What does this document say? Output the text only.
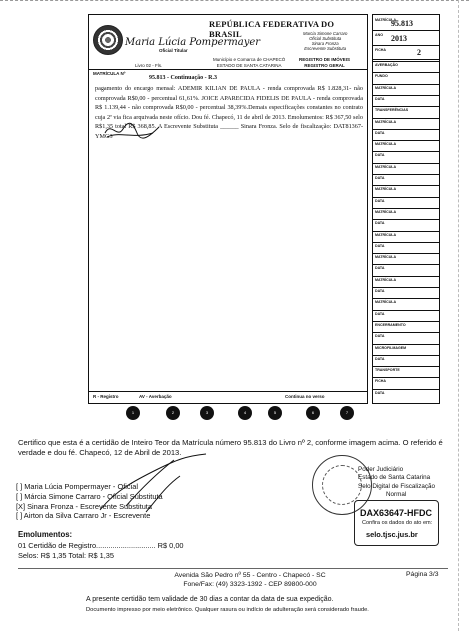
REPÚBLICA FEDERATIVA DO BRASIL
Maria Lúcia Pompermayer
Oficial Titular
Livro 02 - Fls.
Município e Comarca de CHAPECÓ
ESTADO DE SANTA CATARINA
Marcia Simone Carraro
Oficial Substituta
Sinara Fronza
Escrevente Substituta
REGISTRO DE IMÓVEIS
REGISTRO GERAL
MATRÍCULA Nº
95.813 - Continuação - R.3
pagamento do encargo mensal: ADEMIR KILIAN DE PAULA - renda comprovada R$ 1.828,31- não comprovada R$0,00 - percentual 61,61%. JOICE APARECIDA FIDELIS DE PAULA - renda comprovada R$ 1.139,44 - não comprovada R$0,00 - percentual 38,39%.Demais especificações constantes no contrato cuja 2ª via fica arquivada neste ofício. Dou fé. Chapecó, 11 de abril de 2013. Emolumentos: R$ 367,50 selo R$1,35 total R$ 368,85. A Escrevente Substituta ______ Sinara Fronza. Selo de fiscalização: DAT81367-YMG3
R - Registro	AV - Averbação	Continua no verso
MATRÍCULA
95.813
ANO 2013
FICHA	2
AVERBAÇÃO
FUNDO
MATRÍCULA
DATA
TRANSFERÊNCIAS
MATRÍCULA
DATA
MATRÍCULA
DATA
MATRÍCULA
DATA
MATRÍCULA
DATA
MATRÍCULA
DATA
MATRÍCULA
DATA
MATRÍCULA
DATA
MATRÍCULA
DATA
MATRÍCULA
DATA
ENCERRAMENTO
DATA
MICROFILMAGEM
DATA
TRANSPORTE
FICHA
DATA
1	2	3	4	5	6	7
Certifico que esta é a certidão de Inteiro Teor da Matrícula número 95.813 do Livro nº 2, conforme imagem acima. O referido é verdade e dou fé. Chapecó, 12 de Abril de 2013.
[ ] Maria Lúcia Pompermayer - Oficial
[ ] Márcia Simone Carraro - Oficial Substituta
[X] Sinara Fronza - Escrevente Substituta
[ ] Airton da Silva Carraro Jr - Escrevente
Emolumentos:
01 Certidão de Registro............................. R$ 0,00
Selos: R$ 1,35 Total: R$ 1,35
Poder Judiciário
Estado de Santa Catarina
Selo Digital de Fiscalização
Normal
DAX63647-HFDC
Confira os dados do ato em:
selo.tjsc.jus.br
Avenida São Pedro nº 55 - Centro - Chapecó - SC
Fone/Fax: (49) 3323-1392 - CEP 89800-000
Página 3/3
A presente certidão tem validade de 30 dias a contar da data de sua expedição.
Documento impresso por meio eletrônico. Qualquer rasura ou indício de adulteração será considerado fraude.
